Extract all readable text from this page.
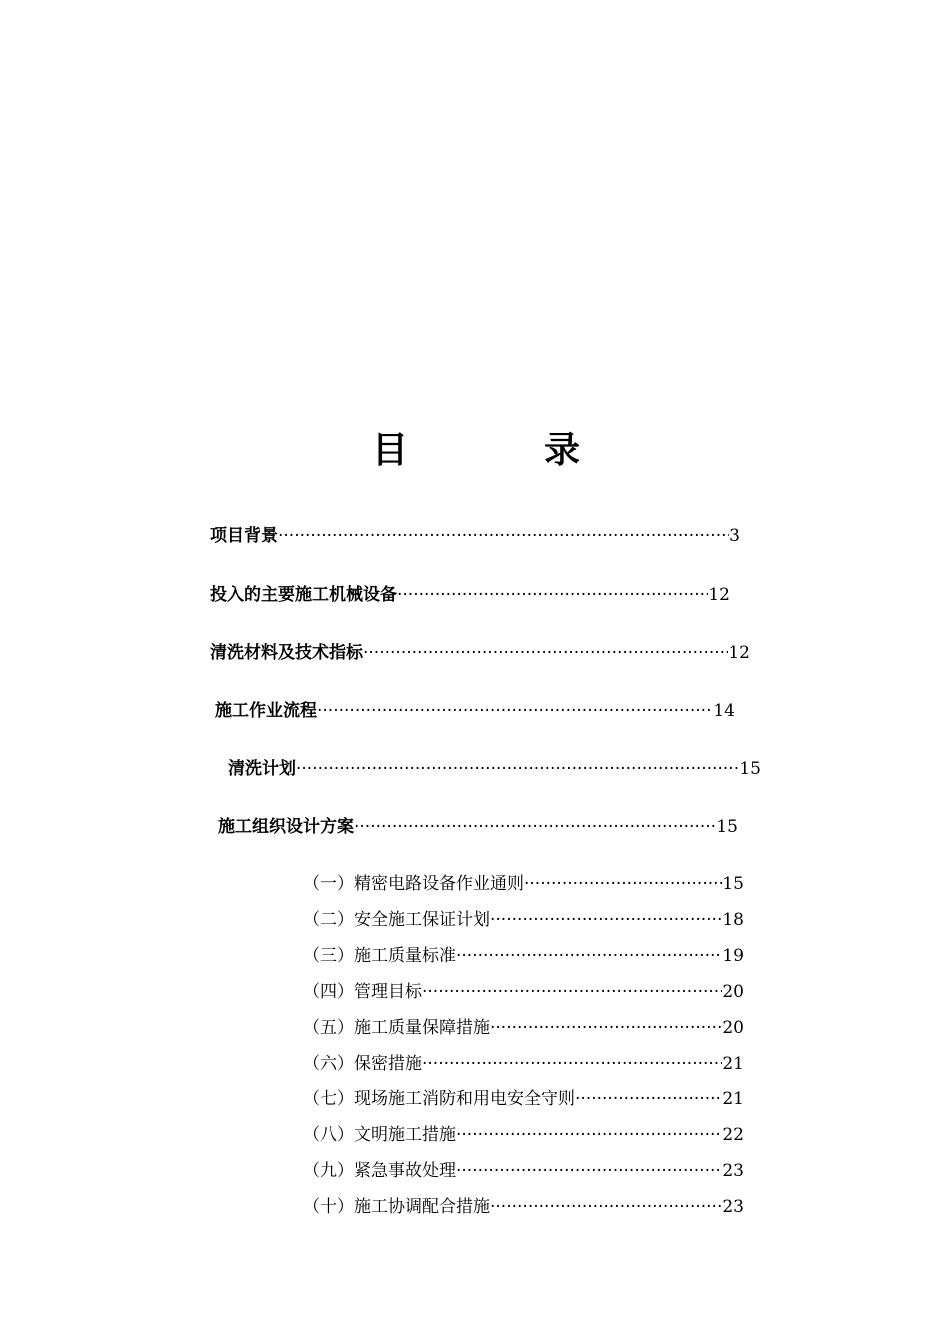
目	录
项目背景 ·····	3
投入的主要施工机械设备 ·····	12
清洗材料及技术指标 ·····	12
施工作业流程 ·····	14
清洗计划 ·····	15
施工组织设计方案 ·····	15
（一） 精密电路设备作业通则 ·····	15
（二） 安全施工保证计划 ·····	18
（三） 施工质量标准 ·····	19
（四） 管理目标 ·····	20
（五） 施工质量保障措施 ·····	20
（六） 保密措施 ·····	21
（七） 现场施工消防和用电安全守则 ·····	21
（八） 文明施工措施 ·····	22
（九） 紧急事故处理 ·····	23
（十） 施工协调配合措施 ·····	23
